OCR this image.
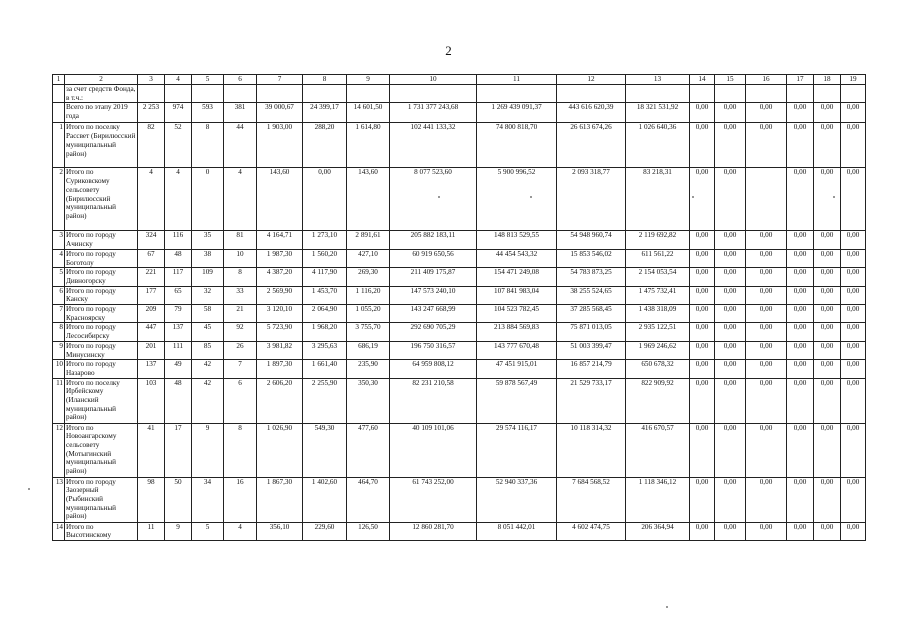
2
1	2	3	4	5	6	7	8	9	10	11	12	13	14	15	16	17	18	19
	за счет средств Фонда, в т.ч.:																	
	Всего по этапу 2019 года	2 253	974	593	381	39 000,67	24 399,17	14 601,50	1 731 377 243,68	1 269 439 091,37	443 616 620,39	18 321 531,92	0,00	0,00	0,00	0,00	0,00	0,00
1	Итого по поселку Рассвет (Бирилюсский муниципальный район)	82	52	8	44	1 903,00	288,20	1 614,80	102 441 133,32	74 800 818,70	26 613 674,26	1 026 640,36	0,00	0,00	0,00	0,00	0,00	0,00
2	Итого по Суриковскому сельсовету (Бирилюсский муниципальный район)	4	4	0	4	143,60	0,00	143,60	8 077 523,60	5 900 996,52	2 093 318,77	83 218,31	0,00	0,00		0,00	0,00	0,00
3	Итого по городу Ачинску	324	116	35	81	4 164,71	1 273,10	2 891,61	205 882 183,11	148 813 529,55	54 948 960,74	2 119 692,82	0,00	0,00	0,00	0,00	0,00	0,00
4	Итого по городу Боготолу	67	48	38	10	1 987,30	1 560,20	427,10	60 919 650,56	44 454 543,32	15 853 546,02	611 561,22	0,00	0,00	0,00	0,00	0,00	0,00
5	Итого по городу Дивногорску	221	117	109	8	4 387,20	4 117,90	269,30	211 409 175,87	154 471 249,08	54 783 873,25	2 154 053,54	0,00	0,00	0,00	0,00	0,00	0,00
6	Итого по городу Канску	177	65	32	33	2 569,90	1 453,70	1 116,20	147 573 240,10	107 841 983,04	38 255 524,65	1 475 732,41	0,00	0,00	0,00	0,00	0,00	0,00
7	Итого по городу Красноярску	209	79	58	21	3 120,10	2 064,90	1 055,20	143 247 668,99	104 523 782,45	37 285 568,45	1 438 318,09	0,00	0,00	0,00	0,00	0,00	0,00
8	Итого по городу Лесосибирску	447	137	45	92	5 723,90	1 968,20	3 755,70	292 690 705,29	213 884 569,83	75 871 013,05	2 935 122,51	0,00	0,00	0,00	0,00	0,00	0,00
9	Итого по городу Минусинску	201	111	85	26	3 981,82	3 295,63	686,19	196 750 316,57	143 777 670,48	51 003 399,47	1 969 246,62	0,00	0,00	0,00	0,00	0,00	0,00
10	Итого по городу Назарово	137	49	42	7	1 897,30	1 661,40	235,90	64 959 808,12	47 451 915,01	16 857 214,79	650 678,32	0,00	0,00	0,00	0,00	0,00	0,00
11	Итого по поселку Ирбейскому (Иланский муниципальный район)	103	48	42	6	2 606,20	2 255,90	350,30	82 231 210,58	59 878 567,49	21 529 733,17	822 909,92	0,00	0,00	0,00	0,00	0,00	0,00
12	Итого по Новоангарскому сельсовету (Мотыгинский муниципальный район)	41	17	9	8	1 026,90	549,30	477,60	40 109 101,06	29 574 116,17	10 118 314,32	416 670,57	0,00	0,00	0,00	0,00	0,00	0,00
13	Итого по городу Заозерный (Рыбинский муниципальный район)	98	50	34	16	1 867,30	1 402,60	464,70	61 743 252,00	52 940 337,36	7 684 568,52	1 118 346,12	0,00	0,00	0,00	0,00	0,00	0,00
14	Итого по Высотинскому	11	9	5	4	356,10	229,60	126,50	12 860 281,70	8 051 442,01	4 602 474,75	206 364,94	0,00	0,00	0,00	0,00	0,00	0,00
